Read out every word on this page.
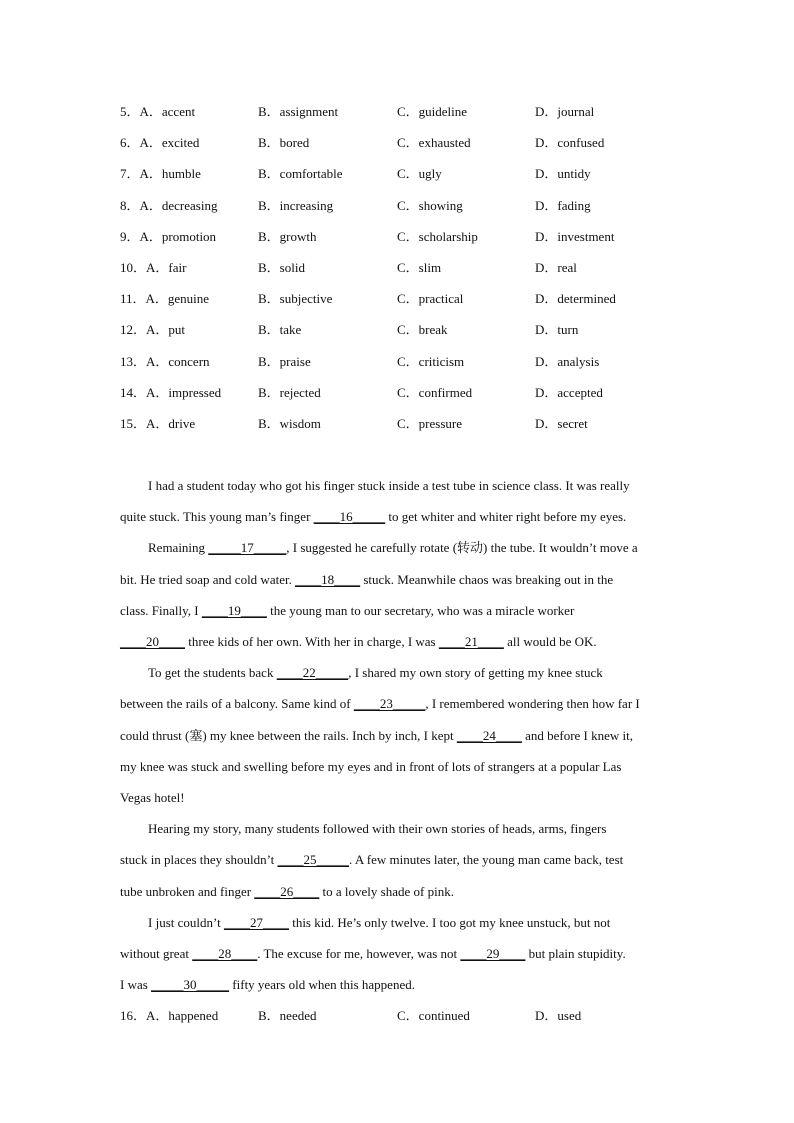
5．A．accent	B．assignment	C．guideline	D．journal
6．A．excited	B．bored	C．exhausted	D．confused
7．A．humble	B．comfortable	C．ugly	D．untidy
8．A．decreasing	B．increasing	C．showing	D．fading
9．A．promotion	B．growth	C．scholarship	D．investment
10．A．fair	B．solid	C．slim	D．real
11．A．genuine	B．subjective	C．practical	D．determined
12．A．put	B．take	C．break	D．turn
13．A．concern	B．praise	C．criticism	D．analysis
14．A．impressed	B．rejected	C．confirmed	D．accepted
15．A．drive	B．wisdom	C．pressure	D．secret
I had a student today who got his finger stuck inside a test tube in science class. It was really
quite stuck. This young man’s finger ____16_____ to get whiter and whiter right before my eyes.
Remaining _____17_____, I suggested he carefully rotate (转动) the tube. It wouldn’t move a
bit. He tried soap and cold water. ____18____ stuck. Meanwhile chaos was breaking out in the
class. Finally, I ____19____ the young man to our secretary, who was a miracle worker
____20____ three kids of her own. With her in charge, I was ____21____ all would be OK.
To get the students back ____22_____, I shared my own story of getting my knee stuck
between the rails of a balcony. Same kind of ____23_____, I remembered wondering then how far I
could thrust (塞) my knee between the rails. Inch by inch, I kept ____24____ and before I knew it,
my knee was stuck and swelling before my eyes and in front of lots of strangers at a popular Las
Vegas hotel!
Hearing my story, many students followed with their own stories of heads, arms, fingers
stuck in places they shouldn’t ____25_____. A few minutes later, the young man came back, test
tube unbroken and finger ____26____ to a lovely shade of pink.
I just couldn’t ____27____ this kid. He’s only twelve. I too got my knee unstuck, but not
without great ____28____. The excuse for me, however, was not ____29____ but plain stupidity.
I was _____30_____ fifty years old when this happened.
16．A．happened	B．needed	C．continued	D．used
